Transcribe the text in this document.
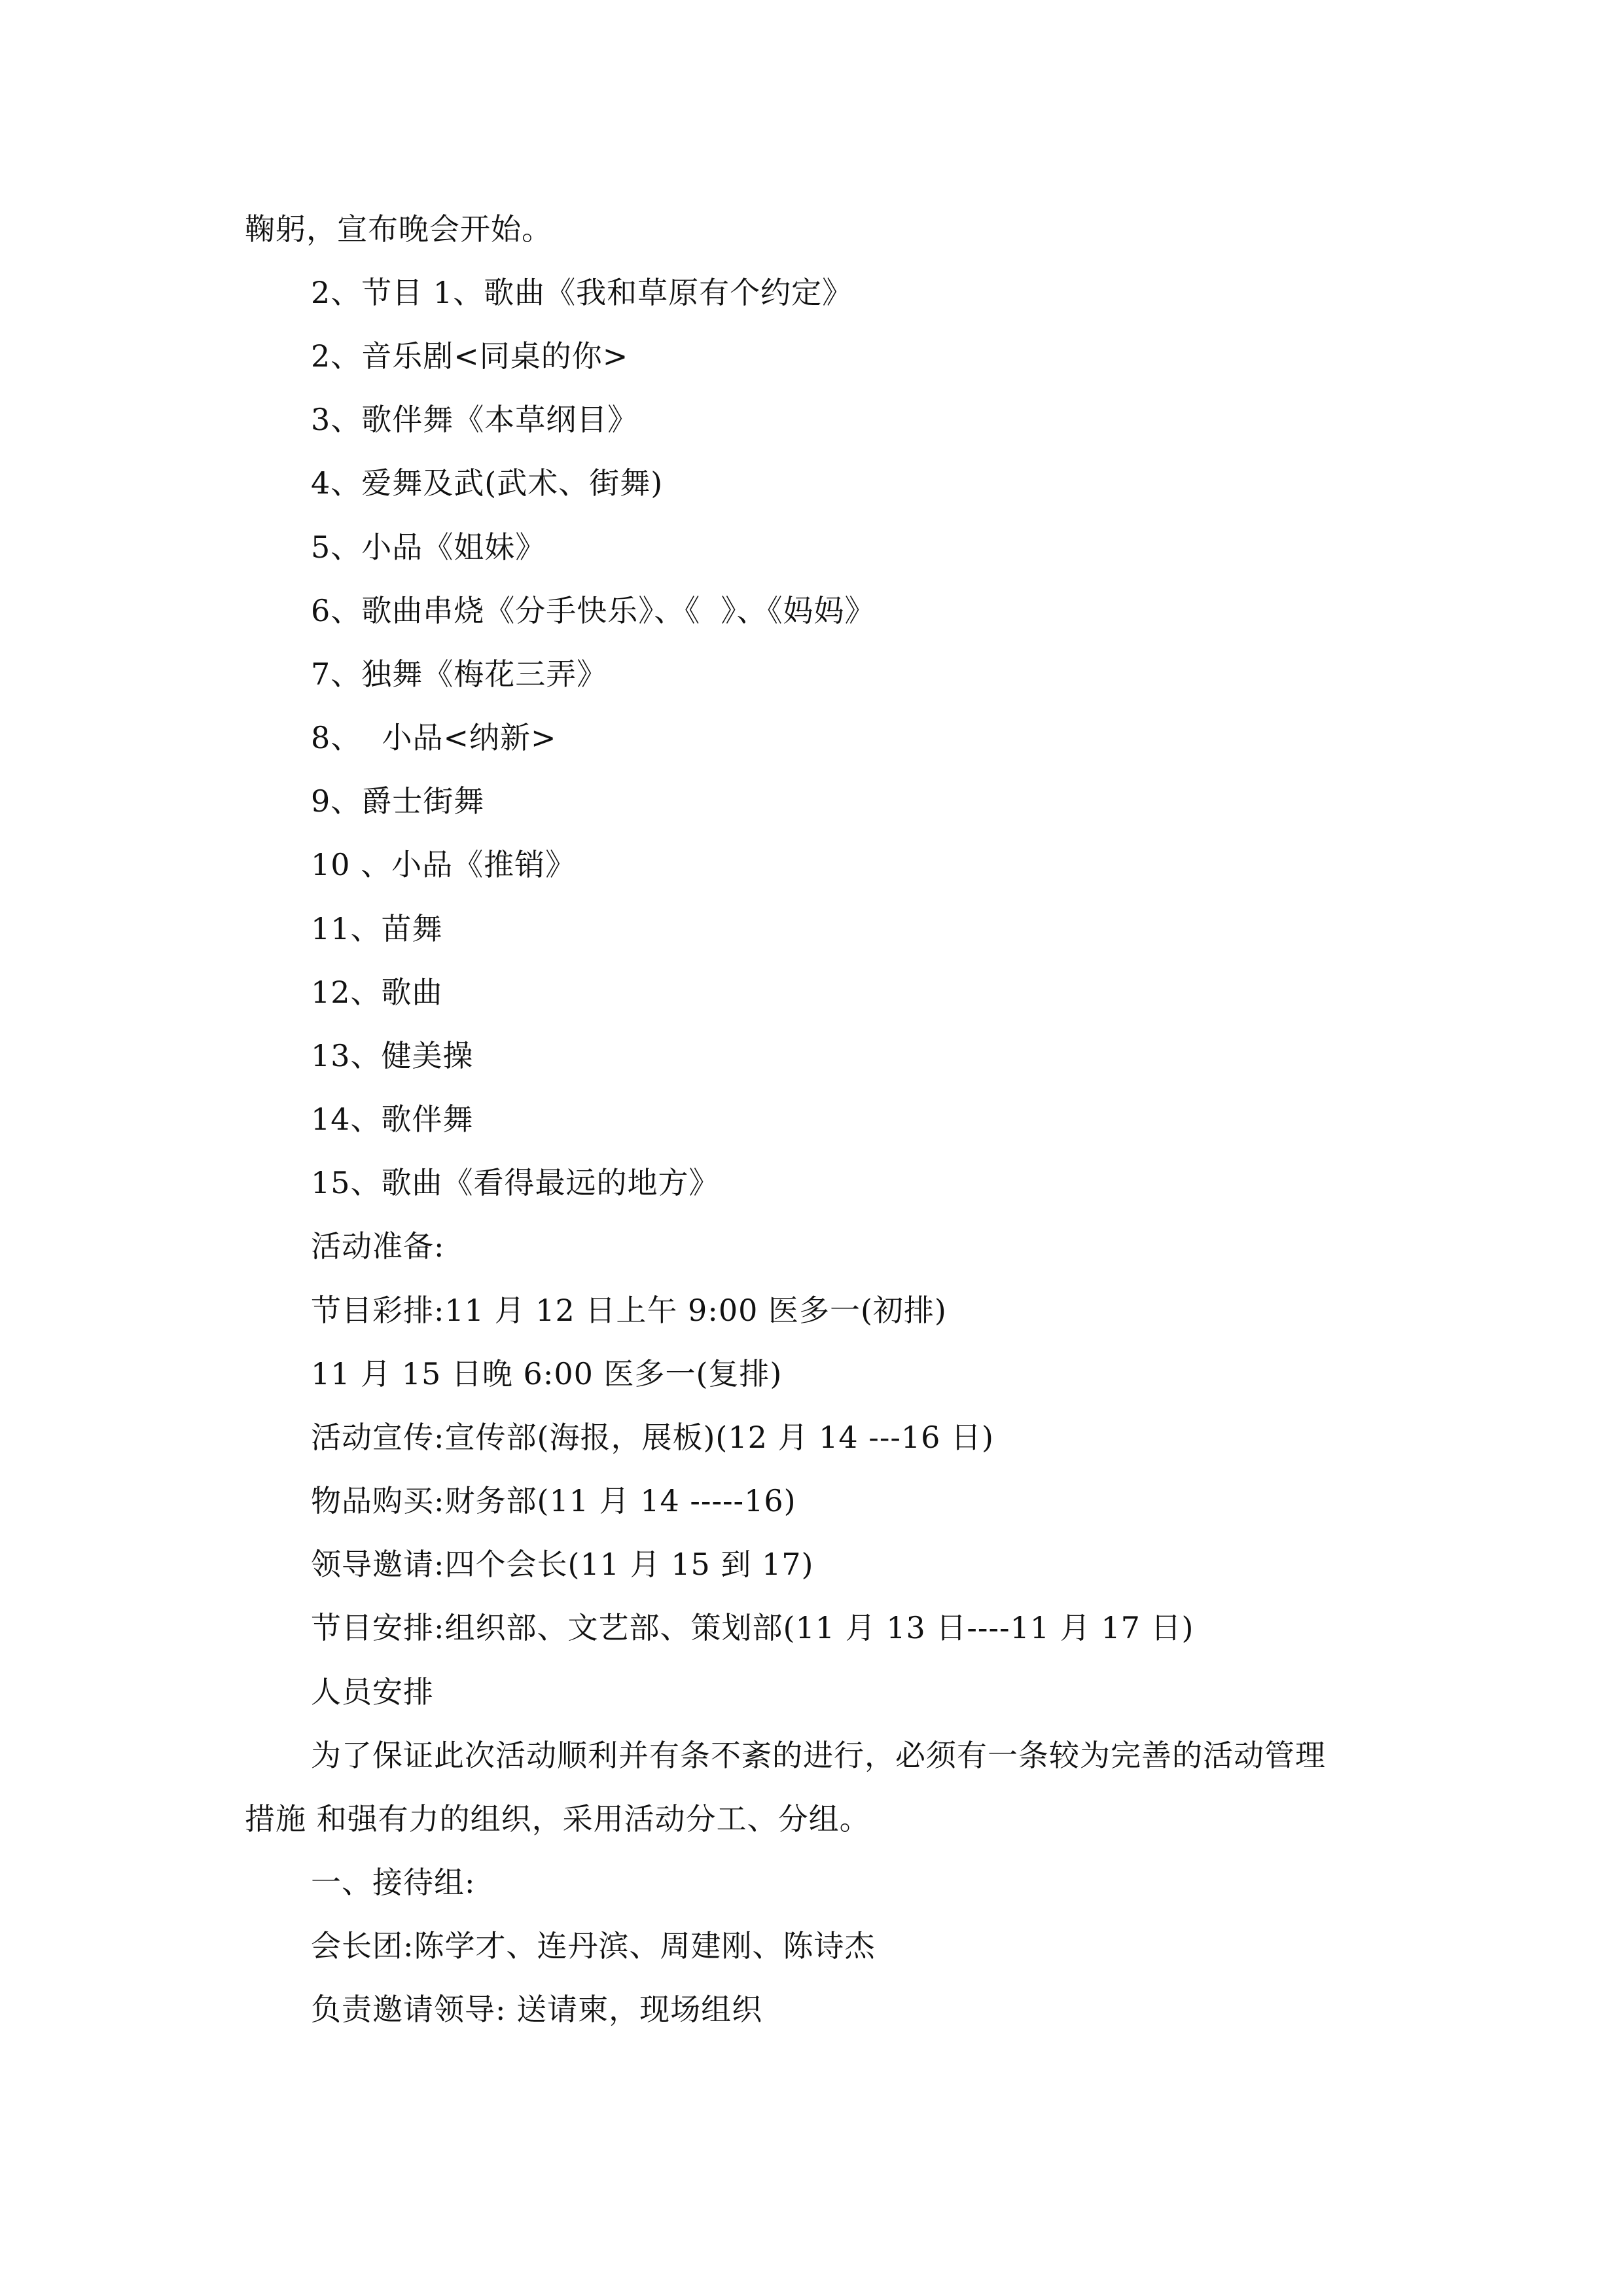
鞠躬，宣布晚会开始。
2、节目 1、歌曲《我和草原有个约定》
2、音乐剧<同桌的你>
3、歌伴舞《本草纲目》
4、爱舞及武(武术、街舞)
5、小品《姐妹》
6、歌曲串烧《分手快乐》、《  》、《妈妈》
7、独舞《梅花三弄》
8、  小品<纳新>
9、爵士街舞
10 、小品《推销》
11、苗舞
12、歌曲
13、健美操
14、歌伴舞
15、歌曲《看得最远的地方》
活动准备:
节目彩排:11 月 12 日上午 9:00 医多一(初排)
11 月 15 日晚 6:00 医多一(复排)
活动宣传:宣传部(海报，展板)(12 月 14 ---16 日)
物品购买:财务部(11 月 14 -----16)
领导邀请:四个会长(11 月 15 到 17)
节目安排:组织部、文艺部、策划部(11 月 13 日----11 月 17 日)
人员安排
为了保证此次活动顺利并有条不紊的进行，必须有一条较为完善的活动管理
措施 和强有力的组织，采用活动分工、分组。
一、接待组:
会长团:陈学才、连丹滨、周建刚、陈诗杰
负责邀请领导: 送请柬，现场组织
